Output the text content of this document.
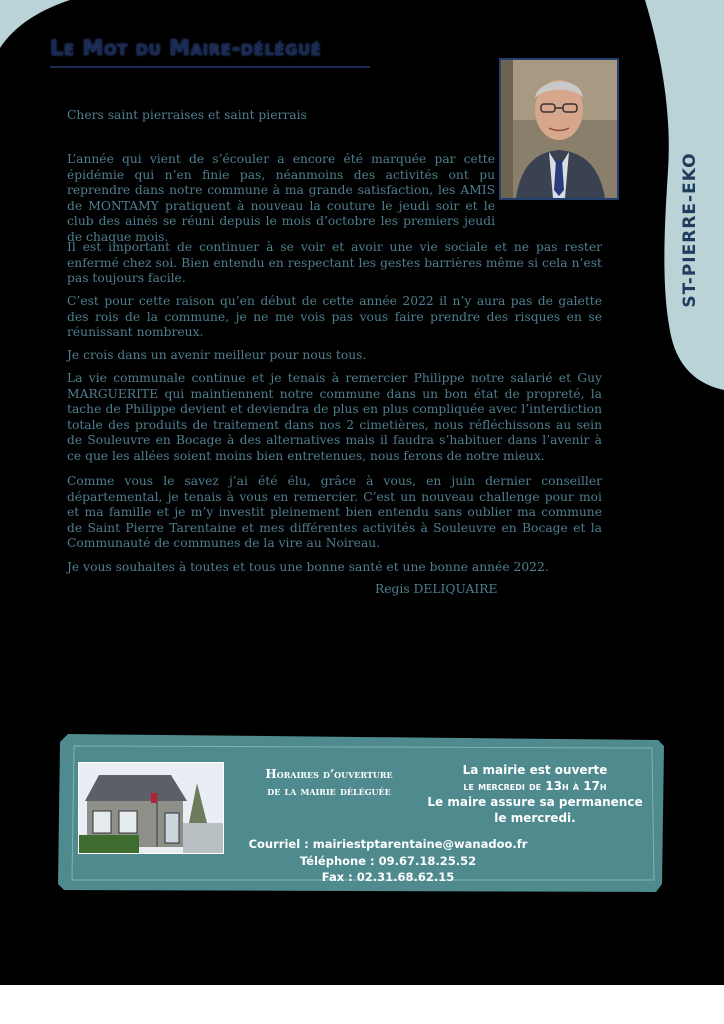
Le Mot du Maire-délégué
ST-PIERRE-EKO

Chers saint pierraises et saint pierrais

L’année qui vient de s’écouler a encore été marquée par cette épidémie qui n’en finie pas, néanmoins des activités ont pu reprendre dans notre commune à ma grande satisfaction, les AMIS de MONTAMY pratiquent à nouveau la couture le jeudi soir et le club des ainés se réuni depuis le mois d’octobre les premiers jeudi de chaque mois.

Il est important de continuer à se voir et avoir une vie sociale et ne pas rester enfermé chez soi. Bien entendu en respectant les gestes barrières même si cela n’est pas toujours facile.

C’est pour cette raison qu’en début de cette année 2022 il n’y aura pas de galette des rois de la commune, je ne me vois pas vous faire prendre des risques en se réunissant nombreux.

Je crois dans un avenir meilleur pour nous tous.

La vie communale continue et je tenais à remercier Philippe notre salarié et Guy MARGUERITE qui maintiennent notre commune dans un bon état de propreté, la tache de Philippe devient et deviendra de plus en plus compliquée avec l’interdiction totale des produits de traitement dans nos 2 cimetières, nous réfléchissons au sein de Souleuvre en Bocage à des alternatives mais il faudra s’habituer dans l’avenir à ce que les allées soient moins bien entretenues, nous ferons de notre mieux.

Comme vous le savez j’ai été élu, grâce à vous, en juin dernier conseiller départemental, je tenais à vous en remercier. C’est un nouveau challenge pour moi et ma famille et je m’y investit pleinement bien entendu sans oublier ma commune de Saint Pierre Tarentaine et mes différentes activités à Souleuvre en Bocage et la Communauté de communes de la vire au Noireau.

Je vous souhaites à toutes et tous une bonne santé et une bonne année 2022.

Regis DELIQUAIRE

Horaires d’ouverture
de la mairie déléguée

La mairie est ouverte

le mercredi de 13h à 17h

Le maire assure sa permanence le mercredi.

Courriel : mairiestptarentaine@wanadoo.fr

Téléphone : 09.67.18.25.52

Fax : 02.31.68.62.15
